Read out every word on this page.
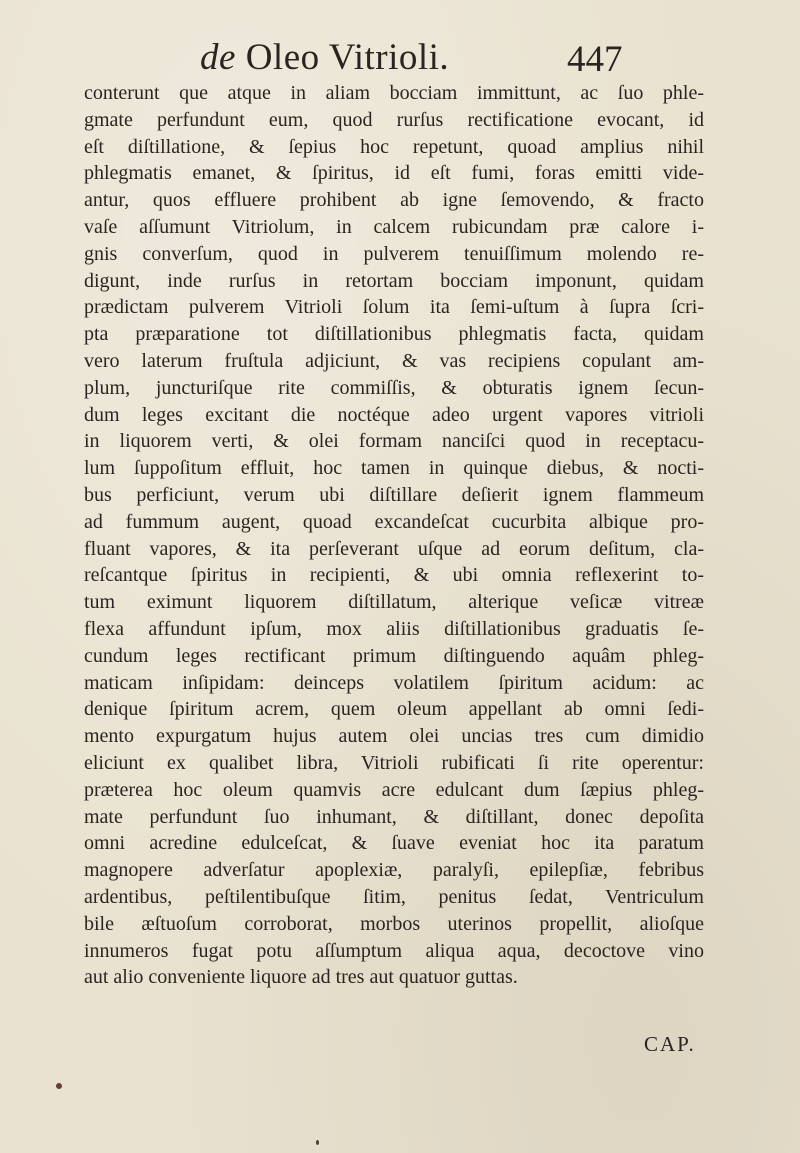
de Oleo Vitrioli.	447
conterunt que atque in aliam bocciam immittunt, ac ſuo phle-
gmate perfundunt eum, quod rurſus rectificatione evocant, id
eſt diſtillatione, & ſepius hoc repetunt, quoad amplius nihil
phlegmatis emanet, & ſpiritus, id eſt fumi, foras emitti vide-
antur, quos effluere prohibent ab igne ſemovendo, & fracto
vaſe aſſumunt Vitriolum, in calcem rubicundam præ calore i-
gnis converſum, quod in pulverem tenuiſſimum molendo re-
digunt, inde rurſus in retortam bocciam imponunt, quidam
prædictam pulverem Vitrioli ſolum ita ſemi-uſtum à ſupra ſcri-
pta præparatione tot diſtillationibus phlegmatis facta, quidam
vero laterum fruſtula adjiciunt, & vas recipiens copulant am-
plum, juncturiſque rite commiſſis, & obturatis ignem ſecun-
dum leges excitant die noctéque adeo urgent vapores vitrioli
in liquorem verti, & olei formam nanciſci quod in receptacu-
lum ſuppoſitum effluit, hoc tamen in quinque diebus, & nocti-
bus perficiunt, verum ubi diſtillare deſierit ignem flammeum
ad fummum augent, quoad excandeſcat cucurbita albique pro-
fluant vapores, & ita perſeverant uſque ad eorum deſitum, cla-
reſcantque ſpiritus in recipienti, & ubi omnia reflexerint to-
tum eximunt liquorem diſtillatum, alterique veſicæ vitreæ
flexa affundunt ipſum, mox aliis diſtillationibus graduatis ſe-
cundum leges rectificant primum diſtinguendo aquâm phleg-
maticam inſipidam: deinceps volatilem ſpiritum acidum: ac
denique ſpiritum acrem, quem oleum appellant ab omni ſedi-
mento expurgatum hujus autem olei uncias tres cum dimidio
eliciunt ex qualibet libra, Vitrioli rubificati ſi rite operentur:
præterea hoc oleum quamvis acre edulcant dum ſæpius phleg-
mate perfundunt ſuo inhumant, & diſtillant, donec depoſita
omni acredine edulceſcat, & ſuave eveniat hoc ita paratum
magnopere adverſatur apoplexiæ, paralyſi, epilepſiæ, febribus
ardentibus, peſtilentibuſque ſitim, penitus ſedat, Ventriculum
bile æſtuoſum corroborat, morbos uterinos propellit, alioſque
innumeros fugat potu aſſumptum aliqua aqua, decoctove vino
aut alio conveniente liquore ad tres aut quatuor guttas.
CAP.
